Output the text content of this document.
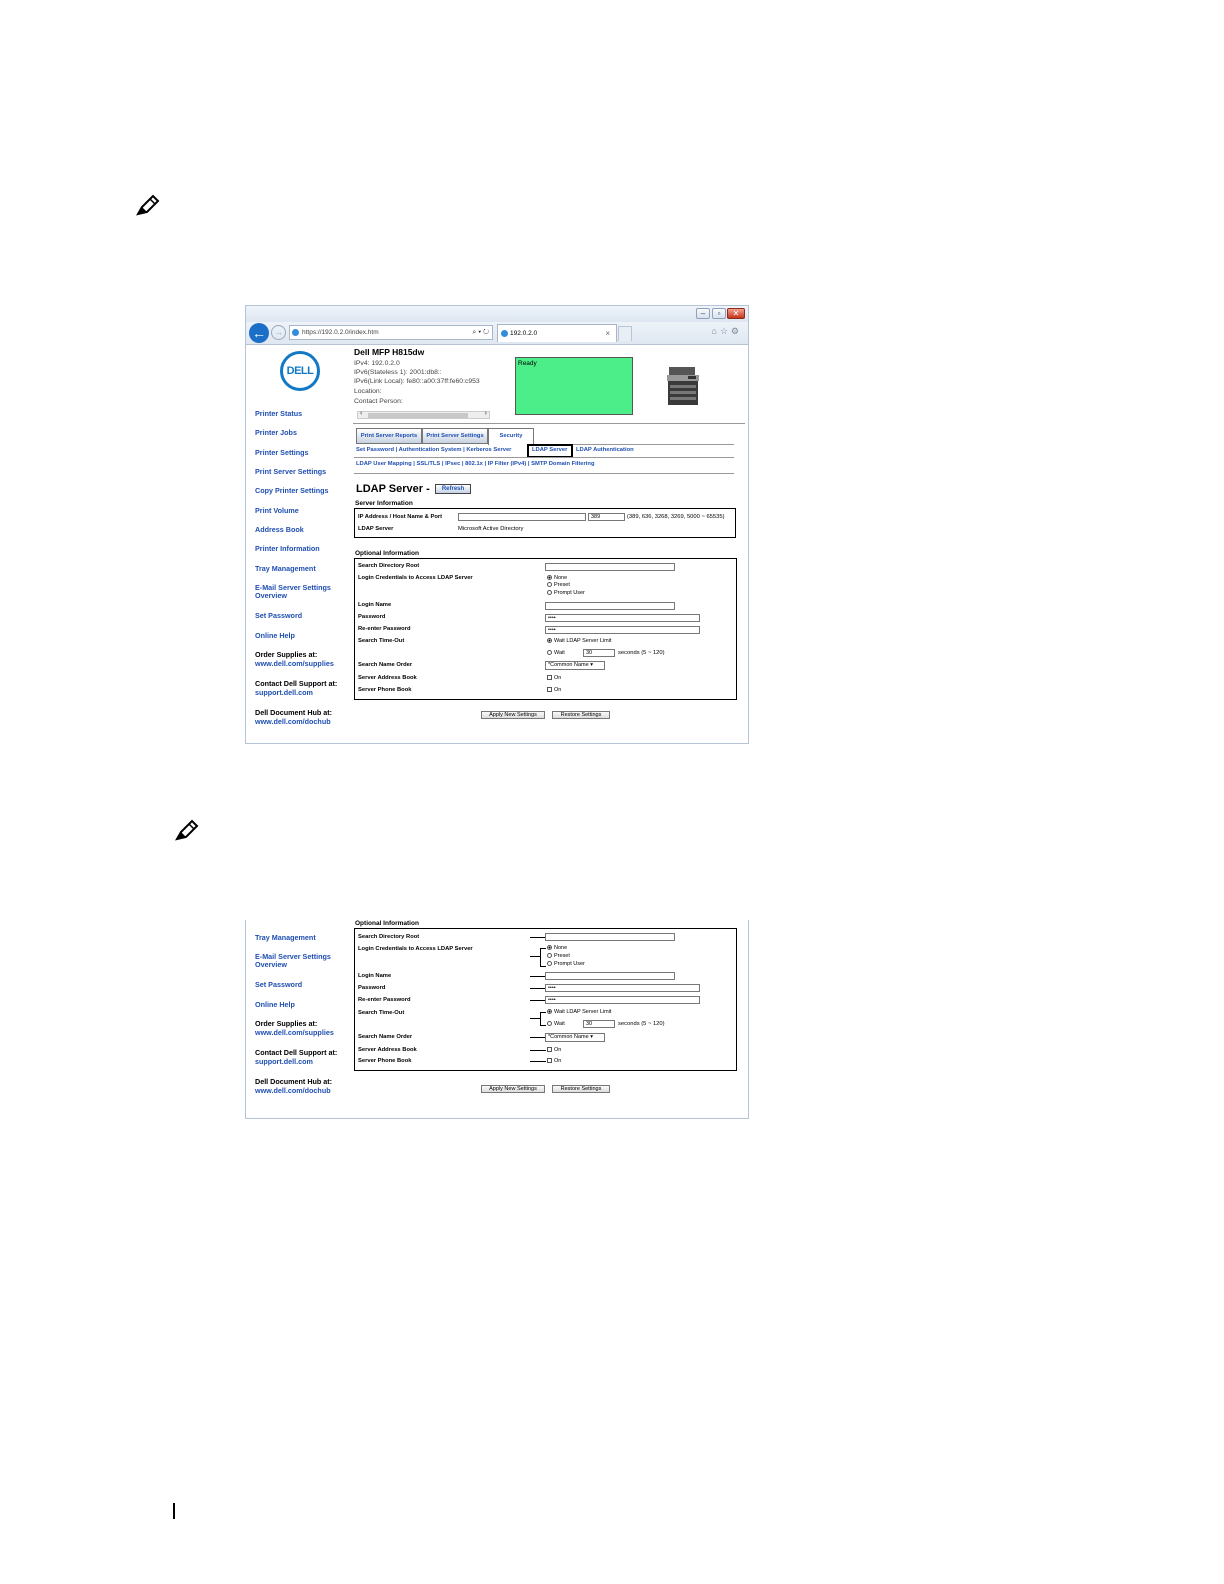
–	▫	✕
← →	https://192.0.2.0/index.htm	⌕ ▾ ↻	192.0.2.0	×	⌂☆⚙
DELL
Printer Status
Printer Jobs
Printer Settings
Print Server Settings
Copy Printer Settings
Print Volume
Address Book
Printer Information
Tray Management
E-Mail Server Settings
Overview
Set Password
Online Help
Order Supplies at:
www.dell.com/supplies
Contact Dell Support at:
support.dell.com
Dell Document Hub at:
www.dell.com/dochub
Dell MFP H815dw
IPv4: 192.0.2.0
IPv6(Stateless 1): 2001:db8::
IPv6(Link Local): fe80::a00:37ff:fe60:c953
Location:
Contact Person:
‹	›
Ready
Print Server Reports	Print Server Settings	Security
Set Password | Authentication System | Kerberos Server	LDAP Server LDAP Authentication
LDAP User Mapping | SSL/TLS | IPsec | 802.1x | IP Filter (IPv4) | SMTP Domain Filtering
LDAP Server -	Refresh
Server Information
IP Address / Host Name & Port	389	(389, 636, 3268, 3269, 5000 ~ 65535)
LDAP Server	Microsoft Active Directory
Optional Information
Search Directory Root
Login Credentials to Access LDAP Server	None
Preset
Prompt User
Login Name
Password	••••
Re-enter Password	••••
Search Time-Out	Wait LDAP Server Limit
Wait	30	seconds (5 ~ 120)
Search Name Order	*Common Name ▾
Server Address Book	On
Server Phone Book	On
Apply New Settings	Restore Settings
Tray Management
E-Mail Server Settings
Overview
Set Password
Online Help
Order Supplies at:
www.dell.com/supplies
Contact Dell Support at:
support.dell.com
Dell Document Hub at:
www.dell.com/dochub
Optional Information
Search Directory Root
Login Credentials to Access LDAP Server	None
Preset
Prompt User
Login Name
Password	••••
Re-enter Password	••••
Search Time-Out	Wait LDAP Server Limit
Wait	30	seconds (5 ~ 120)
Search Name Order	*Common Name ▾
Server Address Book	On
Server Phone Book	On
Apply New Settings	Restore Settings
